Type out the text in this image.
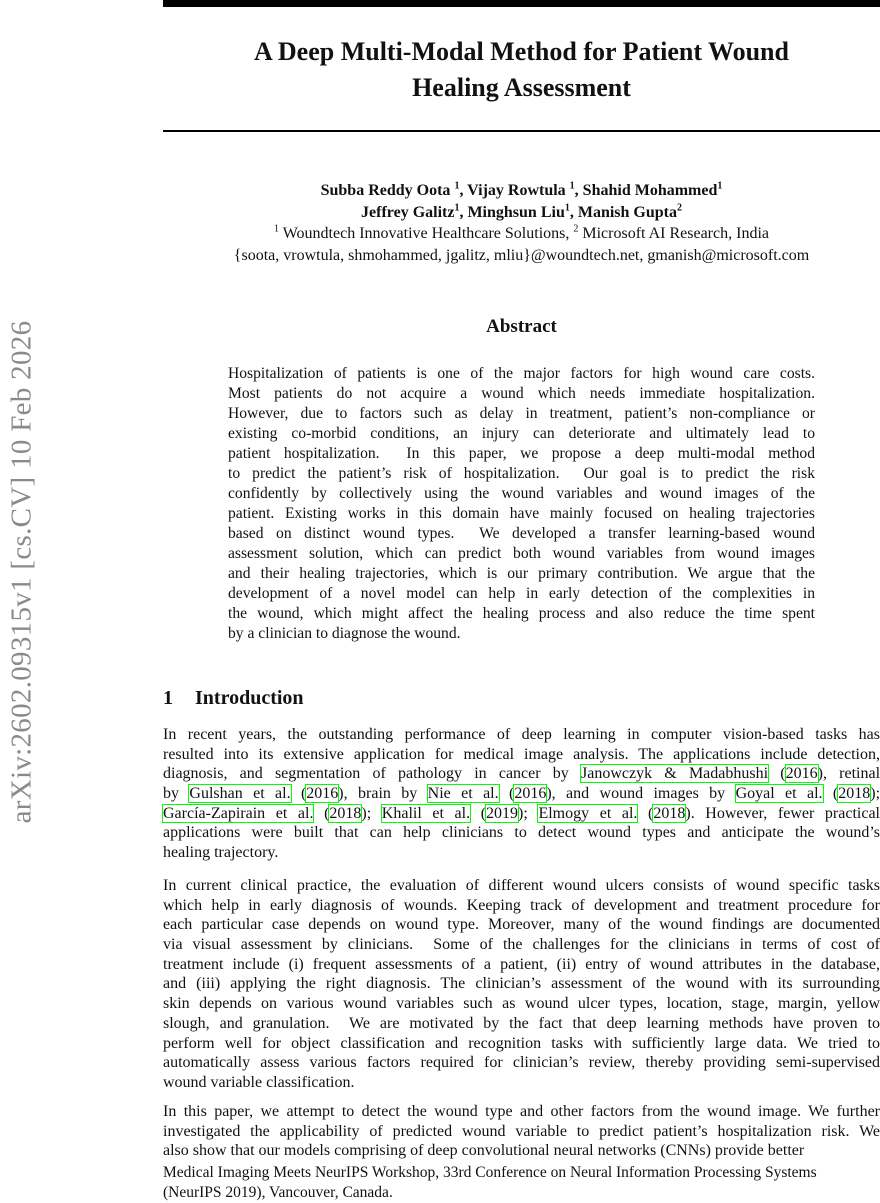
arXiv:2602.09315v1 [cs.CV] 10 Feb 2026
A Deep Multi-Modal Method for Patient Wound
Healing Assessment
Subba Reddy Oota $^1$, Vijay Rowtula $^1$, Shahid Mohammed$^1$
Jeffrey Galitz$^1$, Minghsun Liu$^1$, Manish Gupta$^2$
$^1$ Woundtech Innovative Healthcare Solutions, $^2$ Microsoft AI Research, India
{soota, vrowtula, shmohammed, jgalitz, mliu}@woundtech.net, gmanish@microsoft.com
Abstract
Hospitalization of patients is one of the major factors for high wound care costs.
Most patients do not acquire a wound which needs immediate hospitalization.
However, due to factors such as delay in treatment, patient’s non-compliance or
existing co-morbid conditions, an injury can deteriorate and ultimately lead to
patient hospitalization.  In this paper, we propose a deep multi-modal method
to predict the patient’s risk of hospitalization.  Our goal is to predict the risk
confidently by collectively using the wound variables and wound images of the
patient. Existing works in this domain have mainly focused on healing trajectories
based on distinct wound types.  We developed a transfer learning-based wound
assessment solution, which can predict both wound variables from wound images
and their healing trajectories, which is our primary contribution. We argue that the
development of a novel model can help in early detection of the complexities in
the wound, which might affect the healing process and also reduce the time spent
by a clinician to diagnose the wound.
1 Introduction
In recent years, the outstanding performance of deep learning in computer vision-based tasks has
resulted into its extensive application for medical image analysis. The applications include detection,
diagnosis, and segmentation of pathology in cancer by Janowczyk & Madabhushi (2016), retinal
by Gulshan et al. (2016), brain by Nie et al. (2016), and wound images by Goyal et al. (2018);
García-Zapirain et al. (2018); Khalil et al. (2019); Elmogy et al. (2018). However, fewer practical
applications were built that can help clinicians to detect wound types and anticipate the wound’s
healing trajectory.
In current clinical practice, the evaluation of different wound ulcers consists of wound specific tasks
which help in early diagnosis of wounds. Keeping track of development and treatment procedure for
each particular case depends on wound type. Moreover, many of the wound findings are documented
via visual assessment by clinicians.  Some of the challenges for the clinicians in terms of cost of
treatment include (i) frequent assessments of a patient, (ii) entry of wound attributes in the database,
and (iii) applying the right diagnosis. The clinician’s assessment of the wound with its surrounding
skin depends on various wound variables such as wound ulcer types, location, stage, margin, yellow
slough, and granulation.  We are motivated by the fact that deep learning methods have proven to
perform well for object classification and recognition tasks with sufficiently large data. We tried to
automatically assess various factors required for clinician’s review, thereby providing semi-supervised
wound variable classification.
In this paper, we attempt to detect the wound type and other factors from the wound image. We further
investigated the applicability of predicted wound variable to predict patient’s hospitalization risk. We
also show that our models comprising of deep convolutional neural networks (CNNs) provide better
Medical Imaging Meets NeurIPS Workshop, 33rd Conference on Neural Information Processing Systems
(NeurIPS 2019), Vancouver, Canada.
